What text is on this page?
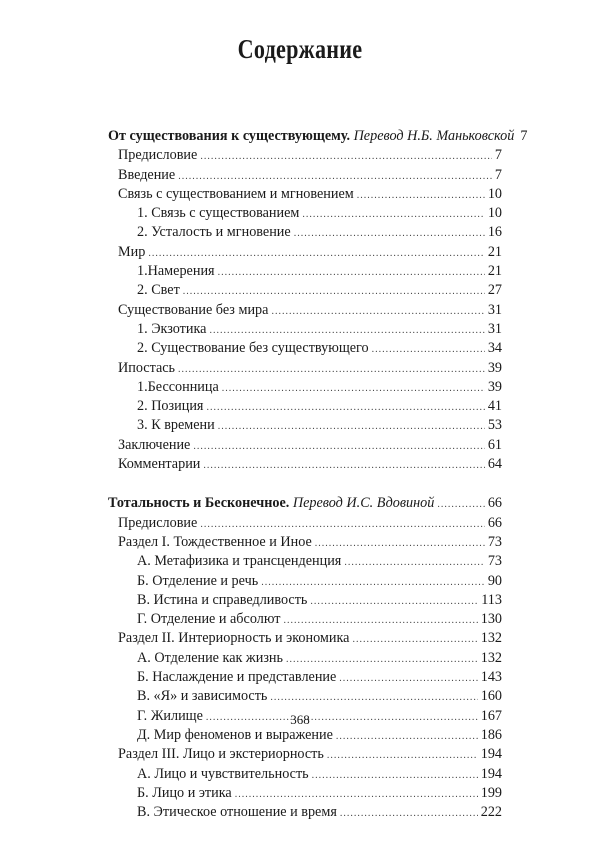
Содержание
От существования к существующему. Перевод Н.Б. Маньковской 7
Предисловие .....	7
Введение .....	7
Связь с существованием и мгновением .....	10
1. Связь с существованием .....	10
2. Усталость и мгновение .....	16
Мир .....	21
1.Намерения .....	21
2. Свет .....	27
Существование без мира .....	31
1. Экзотика .....	31
2. Существование без существующего .....	34
Ипостась .....	39
1.Бессонница .....	39
2. Позиция .....	41
3. К времени .....	53
Заключение .....	61
Комментарии .....	64
Тотальность и Бесконечное. Перевод И.С. Вдовиной .....	66
Предисловие .....	66
Раздел I. Тождественное и Иное .....	73
А. Метафизика и трансценденция .....	73
Б. Отделение и речь .....	90
В. Истина и справедливость .....	113
Г. Отделение и абсолют .....	130
Раздел II. Интериорность и экономика .....	132
А. Отделение как жизнь .....	132
Б. Наслаждение и представление .....	143
В. «Я» и зависимость .....	160
Г. Жилище .....	167
Д. Мир феноменов и выражение .....	186
Раздел III. Лицо и экстериорность .....	194
А. Лицо и чувствительность .....	194
Б. Лицо и этика .....	199
В. Этическое отношение и время .....	222
368
